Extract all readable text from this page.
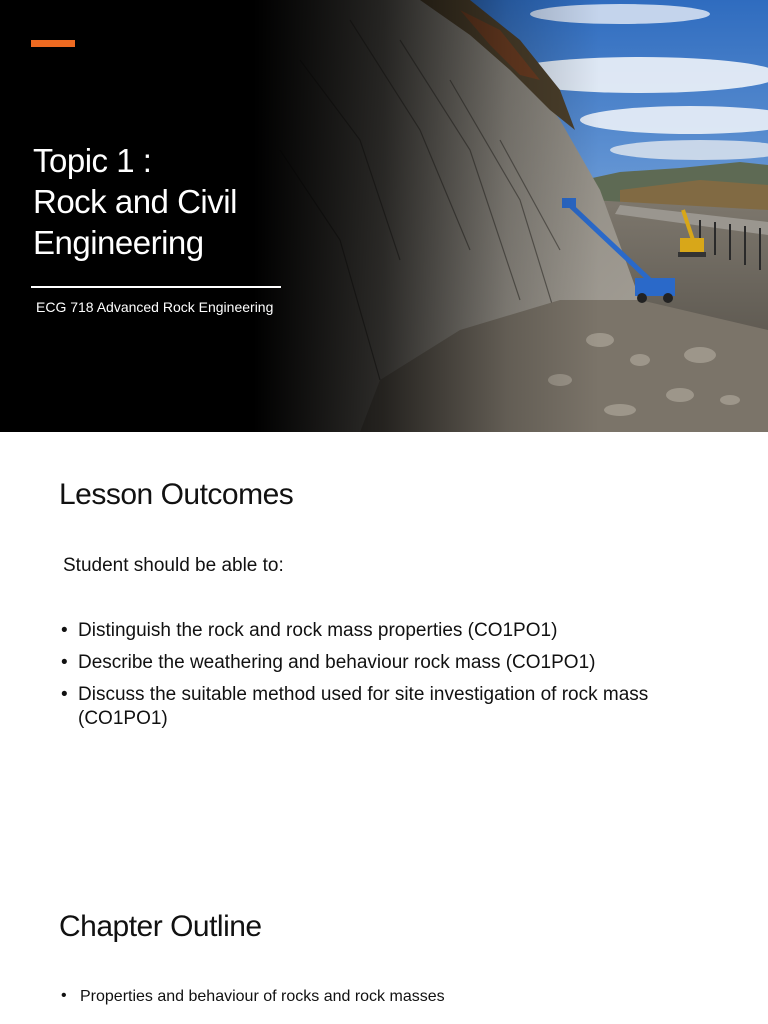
Topic 1 :
Rock and Civil
Engineering
ECG 718 Advanced Rock Engineering
Lesson Outcomes
Student should be able to:
• Distinguish the rock and rock mass properties (CO1PO1)
• Describe the weathering and behaviour rock mass (CO1PO1)
• Discuss the suitable method used for site investigation of rock mass (CO1PO1)
Chapter Outline
• Properties and behaviour of rocks and rock masses
